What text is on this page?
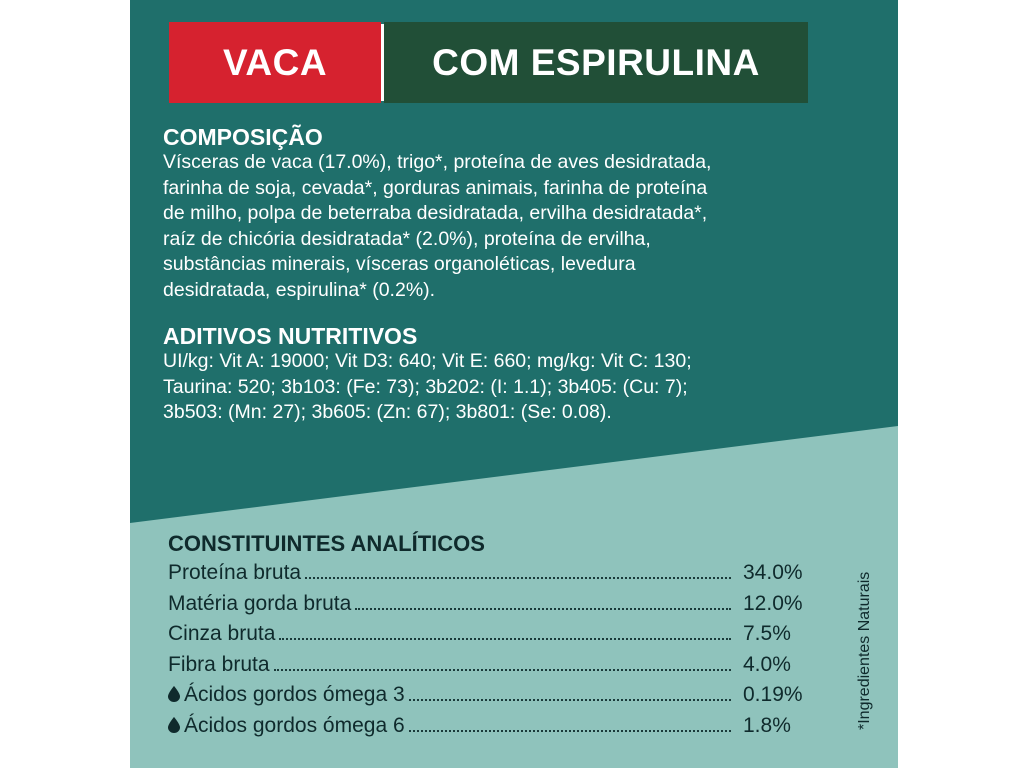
VACA	COM ESPIRULINA
COMPOSIÇÃO
Vísceras de vaca (17.0%), trigo*, proteína de aves desidratada,
farinha de soja, cevada*, gorduras animais, farinha de proteína
de milho, polpa de beterraba desidratada, ervilha desidratada*,
raíz de chicória desidratada* (2.0%), proteína de ervilha,
substâncias minerais, vísceras organoléticas, levedura
desidratada, espirulina* (0.2%).
ADITIVOS NUTRITIVOS
UI/kg: Vit A: 19000; Vit D3: 640; Vit E: 660; mg/kg: Vit C: 130;
Taurina: 520; 3b103: (Fe: 73); 3b202: (I: 1.1); 3b405: (Cu: 7);
3b503: (Mn: 27); 3b605: (Zn: 67); 3b801: (Se: 0.08).
CONSTITUINTES ANALÍTICOS
Proteína bruta	34.0%
Matéria gorda bruta	12.0%
Cinza bruta	7.5%
Fibra bruta	4.0%
Ácidos gordos ómega 3	0.19%
Ácidos gordos ómega 6	1.8%	*Ingredientes Naturais
